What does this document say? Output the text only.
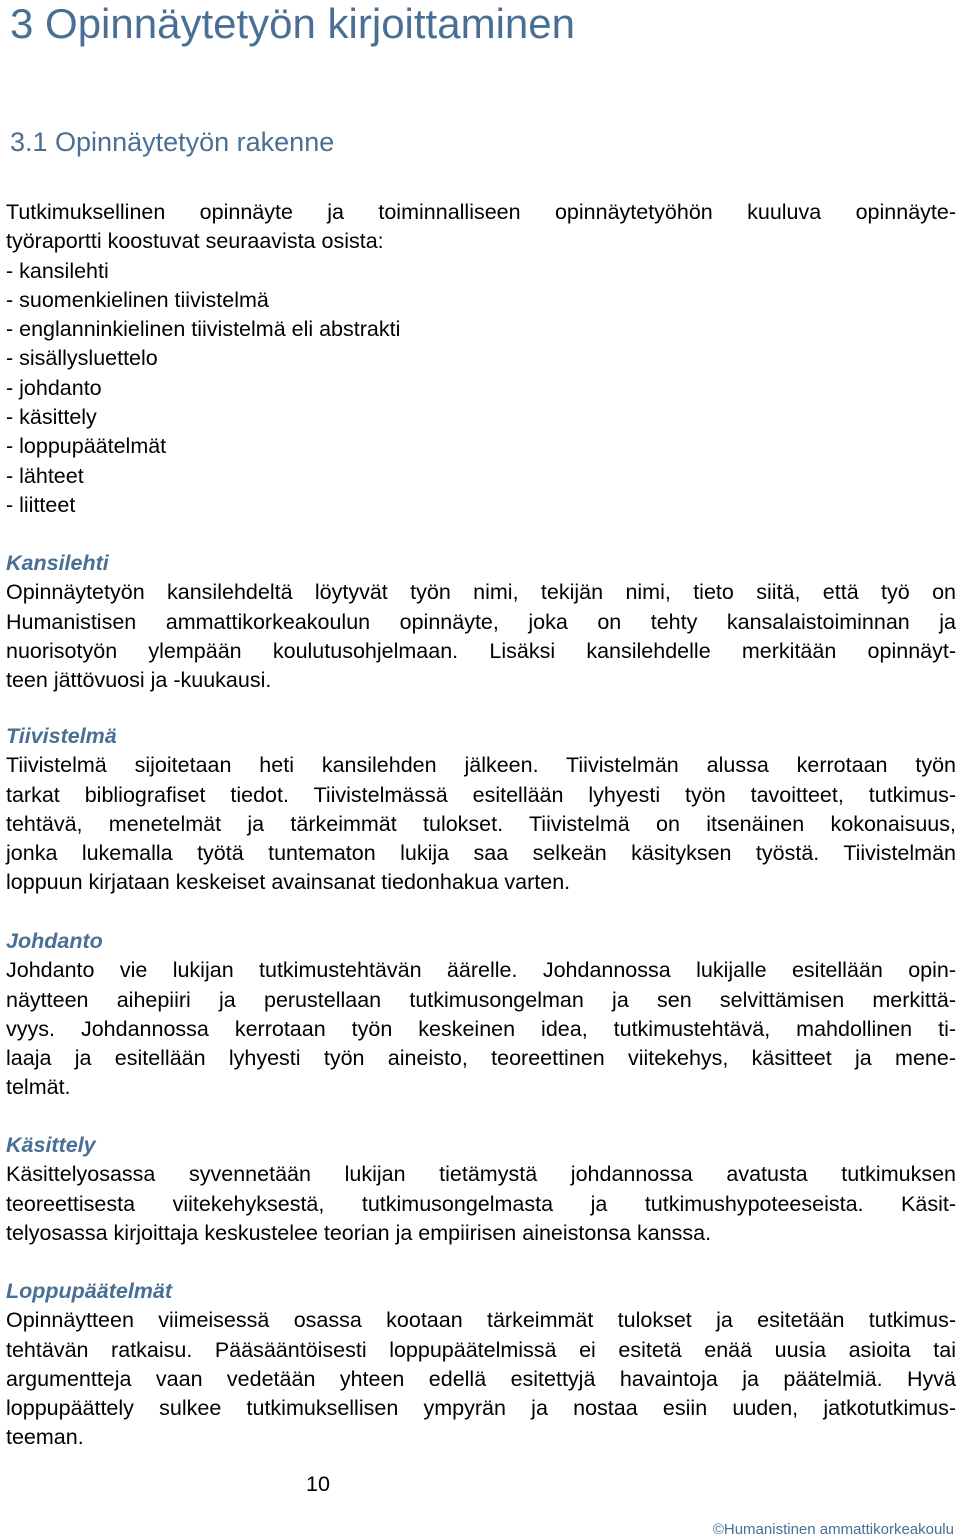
3 Opinnäytetyön kirjoittaminen
3.1 Opinnäytetyön rakenne
Tutkimuksellinen opinnäyte ja toiminnalliseen opinnäytetyöhön kuuluva opinnäyte-
työraportti koostuvat seuraavista osista:
- kansilehti
- suomenkielinen tiivistelmä
- englanninkielinen tiivistelmä eli abstrakti
- sisällysluettelo
- johdanto
- käsittely
- loppupäätelmät
- lähteet
- liitteet
Kansilehti
Opinnäytetyön kansilehdeltä löytyvät työn nimi, tekijän nimi, tieto siitä, että työ on
Humanistisen ammattikorkeakoulun opinnäyte, joka on tehty kansalaistoiminnan ja
nuorisotyön ylempään koulutusohjelmaan. Lisäksi kansilehdelle merkitään opinnäyt-
teen jättövuosi ja -kuukausi.
Tiivistelmä
Tiivistelmä sijoitetaan heti kansilehden jälkeen. Tiivistelmän alussa kerrotaan työn
tarkat bibliografiset tiedot. Tiivistelmässä esitellään lyhyesti työn tavoitteet, tutkimus-
tehtävä, menetelmät ja tärkeimmät tulokset. Tiivistelmä on itsenäinen kokonaisuus,
jonka lukemalla työtä tuntematon lukija saa selkeän käsityksen työstä. Tiivistelmän
loppuun kirjataan keskeiset avainsanat tiedonhakua varten.
Johdanto
Johdanto vie lukijan tutkimustehtävän äärelle. Johdannossa lukijalle esitellään opin-
näytteen aihepiiri ja perustellaan tutkimusongelman ja sen selvittämisen merkittä-
vyys. Johdannossa kerrotaan työn keskeinen idea, tutkimustehtävä, mahdollinen ti-
laaja ja esitellään lyhyesti työn aineisto, teoreettinen viitekehys, käsitteet ja mene-
telmät.
Käsittely
Käsittelyosassa syvennetään lukijan tietämystä johdannossa avatusta tutkimuksen
teoreettisesta viitekehyksestä, tutkimusongelmasta ja tutkimushypoteeseista. Käsit-
telyosassa kirjoittaja keskustelee teorian ja empiirisen aineistonsa kanssa.
Loppupäätelmät
Opinnäytteen viimeisessä osassa kootaan tärkeimmät tulokset ja esitetään tutkimus-
tehtävän ratkaisu. Pääsääntöisesti loppupäätelmissä ei esitetä enää uusia asioita tai
argumentteja vaan vedetään yhteen edellä esitettyjä havaintoja ja päätelmiä. Hyvä
loppupäättely sulkee tutkimuksellisen ympyrän ja nostaa esiin uuden, jatkotutkimus-
teeman.
10
©Humanistinen ammattikorkeakoulu
